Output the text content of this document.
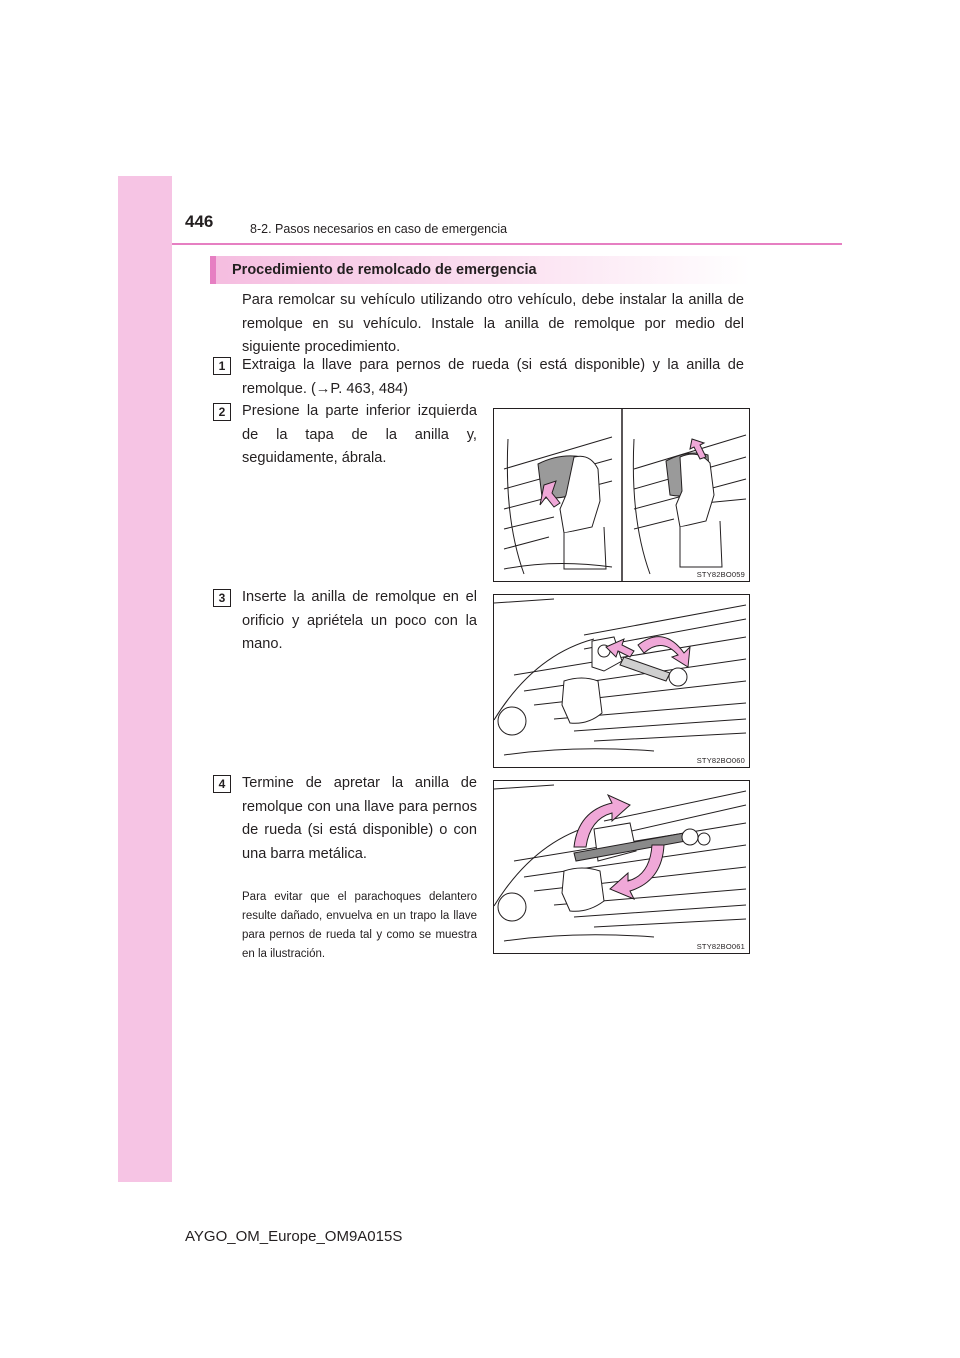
446	8-2. Pasos necesarios en caso de emergencia
Procedimiento de remolcado de emergencia
Para remolcar su vehículo utilizando otro vehículo, debe instalar la anilla de remolque en su vehículo. Instale la anilla de remolque por medio del siguiente procedimiento.
1	Extraiga la llave para pernos de rueda (si está disponible) y la anilla de remolque. (→P. 463, 484)
2	Presione la parte inferior izquierda de la tapa de la anilla y, seguidamente, ábrala.
STY82BO059
3	Inserte la anilla de remolque en el orificio y apriétela un poco con la mano.
STY82BO060
4	Termine de apretar la anilla de remolque con una llave para pernos de rueda (si está disponible) o con una barra metálica.
Para evitar que el parachoques delantero resulte dañado, envuelva en un trapo la llave para pernos de rueda tal y como se muestra en la ilustración.
STY82BO061
AYGO_OM_Europe_OM9A015S
